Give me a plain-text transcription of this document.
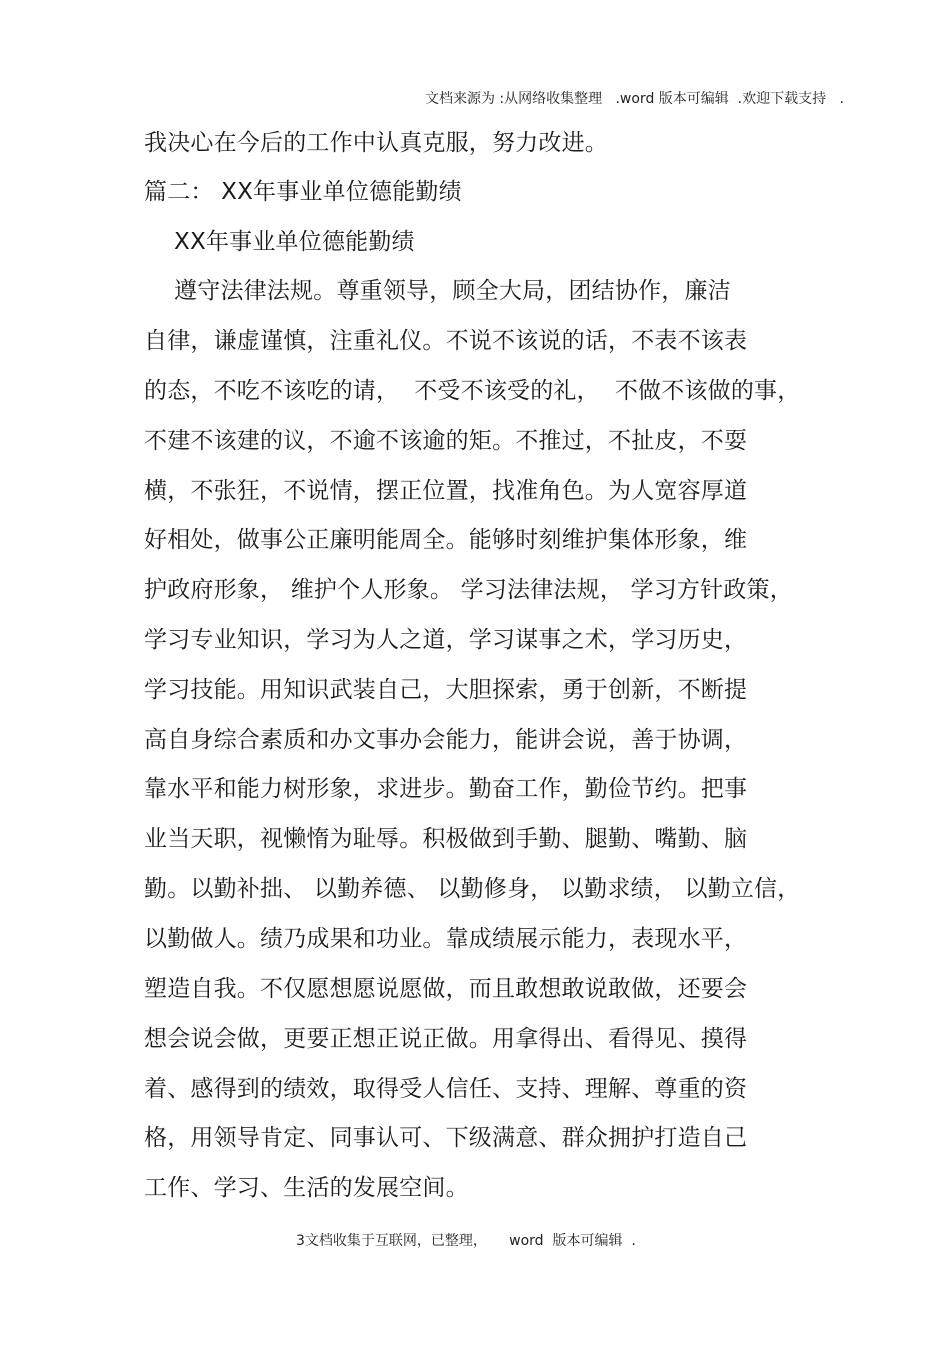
文档来源为 :从网络收集整理   .word 版本可编辑  .欢迎下载支持   .

我决心在今后的工作中认真克服，努力改进。
篇二： XX年事业单位德能勤绩
XX年事业单位德能勤绩
遵守法律法规。尊重领导，顾全大局，团结协作，廉洁
自律，谦虚谨慎，注重礼仪。不说不该说的话，不表不该表
的态，不吃不该吃的请，  不受不该受的礼，  不做不该做的事，
不建不该建的议，不逾不该逾的矩。不推过，不扯皮，不耍
横，不张狂，不说情，摆正位置，找准角色。为人宽容厚道
好相处，做事公正廉明能周全。能够时刻维护集体形象，维
护政府形象， 维护个人形象。 学习法律法规， 学习方针政策，
学习专业知识，学习为人之道，学习谋事之术，学习历史，
学习技能。用知识武装自己，大胆探索，勇于创新，不断提
高自身综合素质和办文事办会能力，能讲会说，善于协调，
靠水平和能力树形象，求进步。勤奋工作，勤俭节约。把事
业当天职，视懒惰为耻辱。积极做到手勤、腿勤、嘴勤、脑
勤。以勤补拙、 以勤养德、 以勤修身， 以勤求绩， 以勤立信，
以勤做人。绩乃成果和功业。靠成绩展示能力，表现水平，
塑造自我。不仅愿想愿说愿做，而且敢想敢说敢做，还要会
想会说会做，更要正想正说正做。用拿得出、看得见、摸得
着、感得到的绩效，取得受人信任、支持、理解、尊重的资
格，用领导肯定、同事认可、下级满意、群众拥护打造自己
工作、学习、生活的发展空间。
3文档收集于互联网，已整理，     word  版本可编辑  .
